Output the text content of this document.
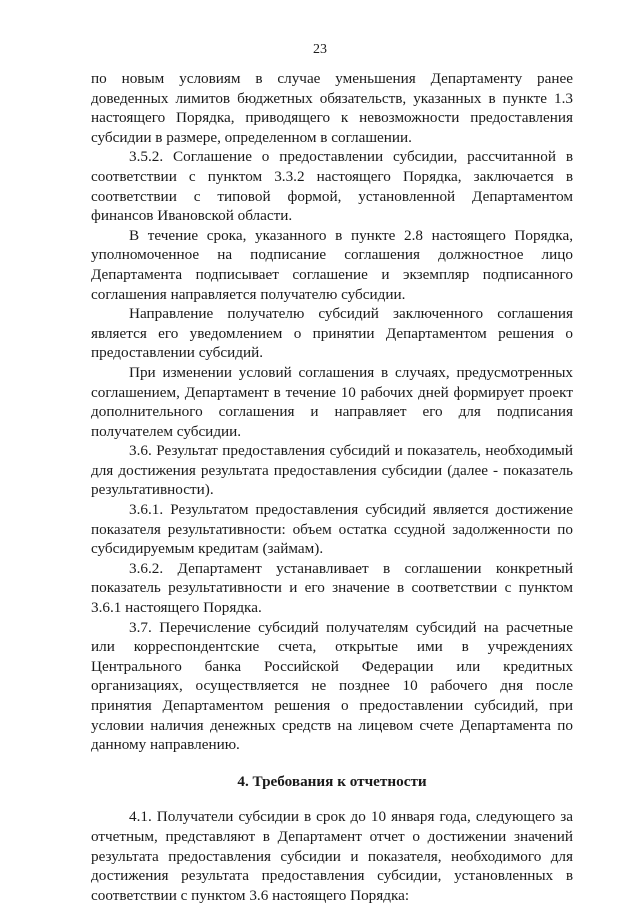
23

по новым условиям в случае уменьшения Департаменту ранее доведенных лимитов бюджетных обязательств, указанных в пункте 1.3 настоящего Порядка, приводящего к невозможности предоставления субсидии в размере, определенном в соглашении.

3.5.2. Соглашение о предоставлении субсидии, рассчитанной в соответствии с пунктом 3.3.2 настоящего Порядка, заключается в соответствии с типовой формой, установленной Департаментом финансов Ивановской области.

В течение срока, указанного в пункте 2.8 настоящего Порядка, уполномоченное на подписание соглашения должностное лицо Департамента подписывает соглашение и экземпляр подписанного соглашения направляется получателю субсидии.

Направление получателю субсидий заключенного соглашения является его уведомлением о принятии Департаментом решения о предоставлении субсидий.

При изменении условий соглашения в случаях, предусмотренных соглашением, Департамент в течение 10 рабочих дней формирует проект дополнительного соглашения и направляет его для подписания получателем субсидии.

3.6. Результат предоставления субсидий и показатель, необходимый для достижения результата предоставления субсидии (далее - показатель результативности).

3.6.1. Результатом предоставления субсидий является достижение показателя результативности: объем остатка ссудной задолженности по субсидируемым кредитам (займам).

3.6.2. Департамент устанавливает в соглашении конкретный показатель результативности и его значение в соответствии с пунктом 3.6.1 настоящего Порядка.

3.7. Перечисление субсидий получателям субсидий на расчетные или корреспондентские счета, открытые ими в учреждениях Центрального банка Российской Федерации или кредитных организациях, осуществляется не позднее 10 рабочего дня после принятия Департаментом решения о предоставлении субсидий, при условии наличия денежных средств на лицевом счете Департамента по данному направлению.

4. Требования к отчетности

4.1. Получатели субсидии в срок до 10 января года, следующего за отчетным, представляют в Департамент отчет о достижении значений результата предоставления субсидии и показателя, необходимого для достижения результата предоставления субсидии, установленных в соответствии с пунктом 3.6 настоящего Порядка:
